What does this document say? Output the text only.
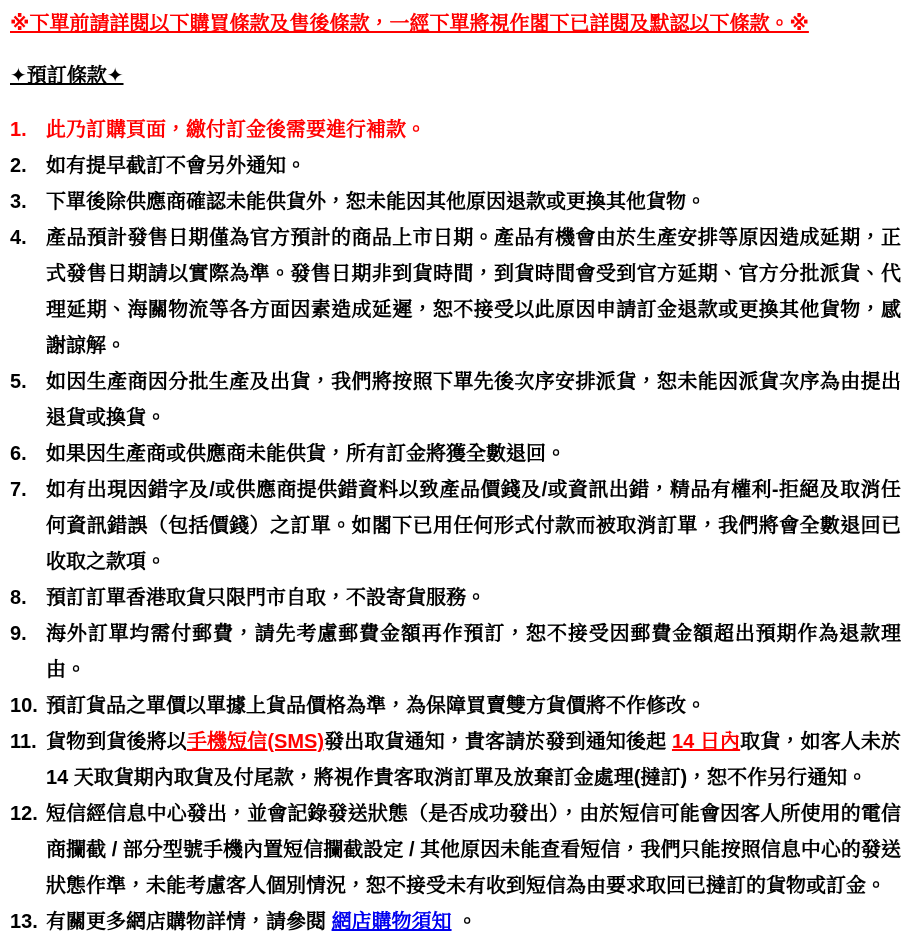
※下單前請詳閱以下購買條款及售後條款，一經下單將視作閣下已詳閱及默認以下條款。※
✦預訂條款✦
1. 此乃訂購頁面，繳付訂金後需要進行補款。
2. 如有提早截訂不會另外通知。
3. 下單後除供應商確認未能供貨外，恕未能因其他原因退款或更換其他貨物。
4. 產品預計發售日期僅為官方預計的商品上市日期。產品有機會由於生產安排等原因造成延期，正式發售日期請以實際為準。發售日期非到貨時間，到貨時間會受到官方延期、官方分批派貨、代理延期、海關物流等各方面因素造成延遲，恕不接受以此原因申請訂金退款或更換其他貨物，感謝諒解。
5. 如因生產商因分批生產及出貨，我們將按照下單先後次序安排派貨，恕未能因派貨次序為由提出退貨或換貨。
6. 如果因生產商或供應商未能供貨，所有訂金將獲全數退回。
7. 如有出現因錯字及/或供應商提供錯資料以致產品價錢及/或資訊出錯，精品有權利-拒絕及取消任何資訊錯誤（包括價錢）之訂單。如閣下已用任何形式付款而被取消訂單，我們將會全數退回已收取之款項。
8. 預訂訂單香港取貨只限門市自取，不設寄貨服務。
9. 海外訂單均需付郵費，請先考慮郵費金額再作預訂，恕不接受因郵費金額超出預期作為退款理由。
10. 預訂貨品之單價以單據上貨品價格為準，為保障買賣雙方貨價將不作修改。
11. 貨物到貨後將以手機短信(SMS)發出取貨通知，貴客請於發到通知後起 14 日內取貨，如客人未於 14 天取貨期內取貨及付尾款，將視作貴客取消訂單及放棄訂金處理(撻訂)，恕不作另行通知。
12. 短信經信息中心發出，並會記錄發送狀態（是否成功發出），由於短信可能會因客人所使用的電信商攔截 / 部分型號手機內置短信攔截設定 / 其他原因未能查看短信，我們只能按照信息中心的發送狀態作準，未能考慮客人個別情況，恕不接受未有收到短信為由要求取回已撻訂的貨物或訂金。
13. 有關更多網店購物詳情，請參閱 網店購物須知 。
